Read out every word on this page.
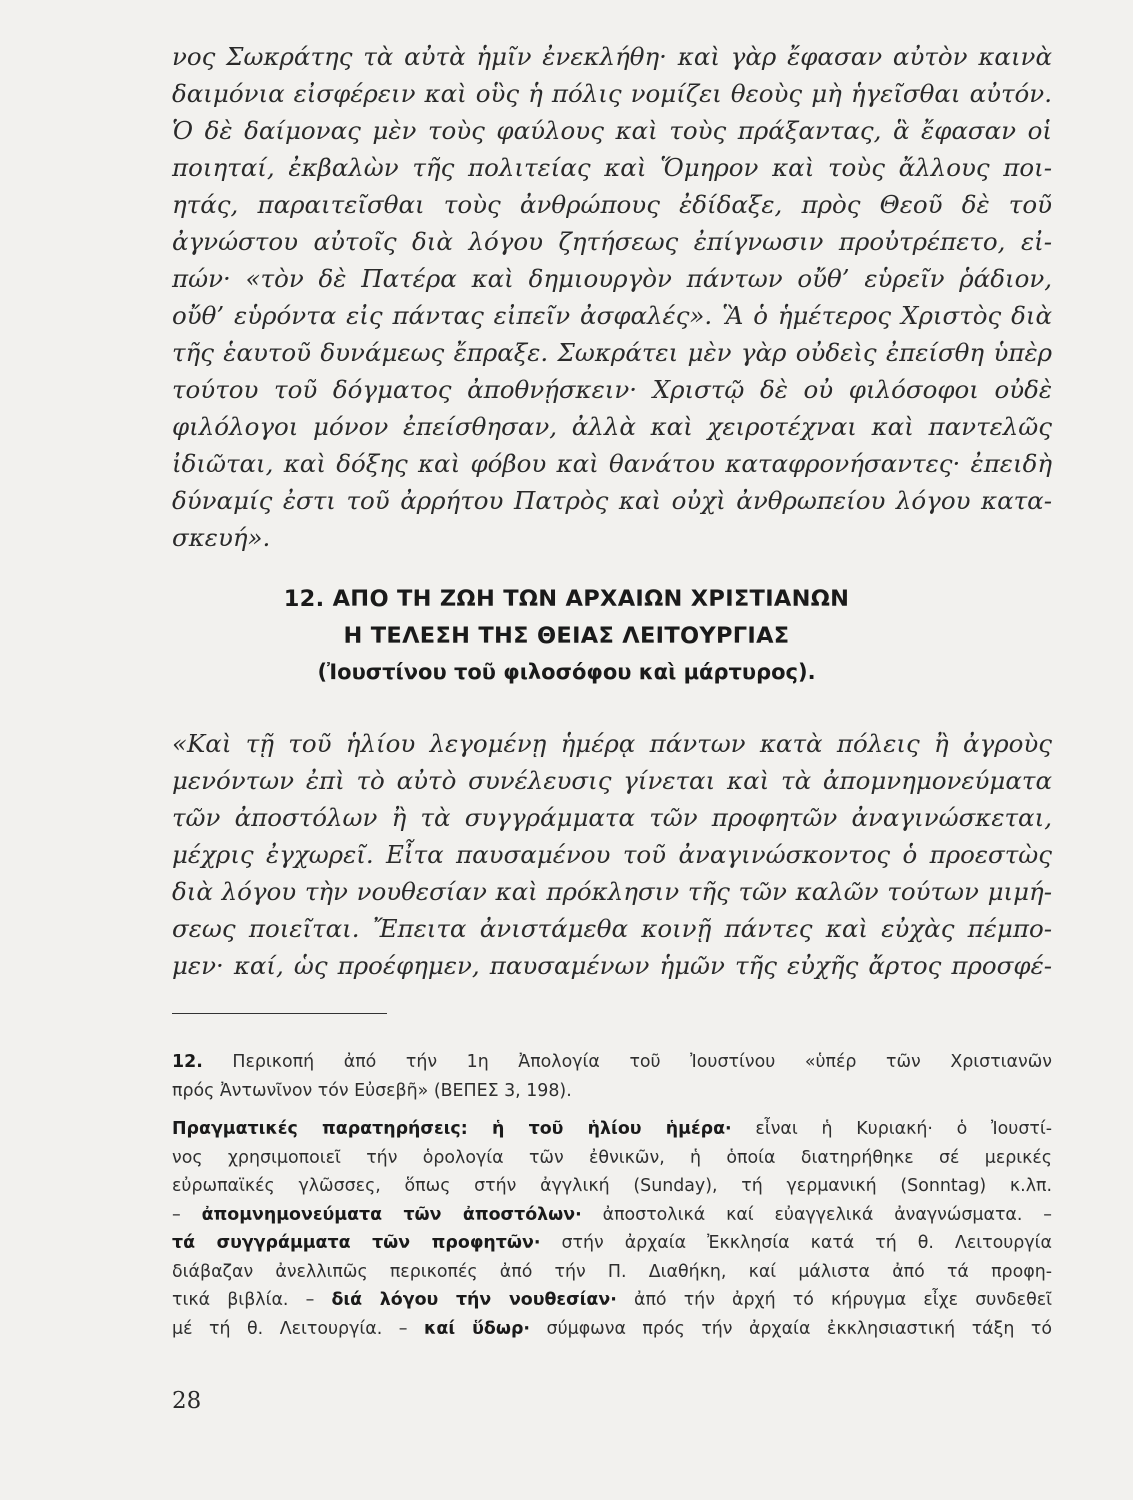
νος Σωκράτης τὰ αὐτὰ ἡμῖν ἐνεκλήθη· καὶ γὰρ ἔφασαν αὐτὸν καινὰ
δαιμόνια εἰσφέρειν καὶ οὓς ἡ πόλις νομίζει θεοὺς μὴ ἡγεῖσθαι αὐτόν.
Ὁ δὲ δαίμονας μὲν τοὺς φαύλους καὶ τοὺς πράξαντας, ἃ ἔφασαν οἱ
ποιηταί, ἐκβαλὼν τῆς πολιτείας καὶ Ὅμηρον καὶ τοὺς ἄλλους ποι-
ητάς, παραιτεῖσθαι τοὺς ἀνθρώπους ἐδίδαξε, πρὸς Θεοῦ δὲ τοῦ
ἀγνώστου αὐτοῖς διὰ λόγου ζητήσεως ἐπίγνωσιν προὐτρέπετο, εἰ-
πών· «τὸν δὲ Πατέρα καὶ δημιουργὸν πάντων οὔθ’ εὑρεῖν ῥάδιον,
οὔθ’ εὑρόντα εἰς πάντας εἰπεῖν ἀσφαλές». Ἃ ὁ ἡμέτερος Χριστὸς διὰ
τῆς ἑαυτοῦ δυνάμεως ἔπραξε. Σωκράτει μὲν γὰρ οὐδεὶς ἐπείσθη ὑπὲρ
τούτου τοῦ δόγματος ἀποθνῄσκειν· Χριστῷ δὲ οὐ φιλόσοφοι οὐδὲ
φιλόλογοι μόνον ἐπείσθησαν, ἀλλὰ καὶ χειροτέχναι καὶ παντελῶς
ἰδιῶται, καὶ δόξης καὶ φόβου καὶ θανάτου καταφρονήσαντες· ἐπειδὴ
δύναμίς ἐστι τοῦ ἀρρήτου Πατρὸς καὶ οὐχὶ ἀνθρωπείου λόγου κατα-
σκευή».
12. ΑΠΟ ΤΗ ΖΩΗ ΤΩΝ ΑΡΧΑΙΩΝ ΧΡΙΣΤΙΑΝΩΝ
Η ΤΕΛΕΣΗ ΤΗΣ ΘΕΙΑΣ ΛΕΙΤΟΥΡΓΙΑΣ
(Ἰουστίνου τοῦ φιλοσόφου καὶ μάρτυρος).
«Καὶ τῇ τοῦ ἡλίου λεγομένῃ ἡμέρᾳ πάντων κατὰ πόλεις ἢ ἀγροὺς
μενόντων ἐπὶ τὸ αὐτὸ συνέλευσις γίνεται καὶ τὰ ἀπομνημονεύματα
τῶν ἀποστόλων ἢ τὰ συγγράμματα τῶν προφητῶν ἀναγινώσκεται,
μέχρις ἐγχωρεῖ. Εἶτα παυσαμένου τοῦ ἀναγινώσκοντος ὁ προεστὼς
διὰ λόγου τὴν νουθεσίαν καὶ πρόκλησιν τῆς τῶν καλῶν τούτων μιμή-
σεως ποιεῖται. Ἔπειτα ἀνιστάμεθα κοινῇ πάντες καὶ εὐχὰς πέμπο-
μεν· καί, ὡς προέφημεν, παυσαμένων ἡμῶν τῆς εὐχῆς ἄρτος προσφέ-
12. Περικοπή ἀπό τήν 1η Ἀπολογία τοῦ Ἰουστίνου «ὑπέρ τῶν Χριστιανῶν
πρός Ἀντωνῖνον τόν Εὐσεβῆ» (ΒΕΠΕΣ 3, 198).
Πραγματικές παρατηρήσεις: ἡ τοῦ ἡλίου ἡμέρα· εἶναι ἡ Κυριακή· ὁ Ἰουστί-
νος χρησιμοποιεῖ τήν ὁρολογία τῶν ἐθνικῶν, ἡ ὁποία διατηρήθηκε σέ μερικές
εὐρωπαϊκές γλῶσσες, ὅπως στήν ἀγγλική (Sunday), τή γερμανική (Sonntag) κ.λπ.
– ἀπομνημονεύματα τῶν ἀποστόλων· ἀποστολικά καί εὐαγγελικά ἀναγνώσματα. –
τά συγγράμματα τῶν προφητῶν· στήν ἀρχαία Ἐκκλησία κατά τή θ. Λειτουργία
διάβαζαν ἀνελλιπῶς περικοπές ἀπό τήν Π. Διαθήκη, καί μάλιστα ἀπό τά προφη-
τικά βιβλία. – διά λόγου τήν νουθεσίαν· ἀπό τήν ἀρχή τό κήρυγμα εἶχε συνδεθεῖ
μέ τή θ. Λειτουργία. – καί ὕδωρ· σύμφωνα πρός τήν ἀρχαία ἐκκλησιαστική τάξη τό
28
